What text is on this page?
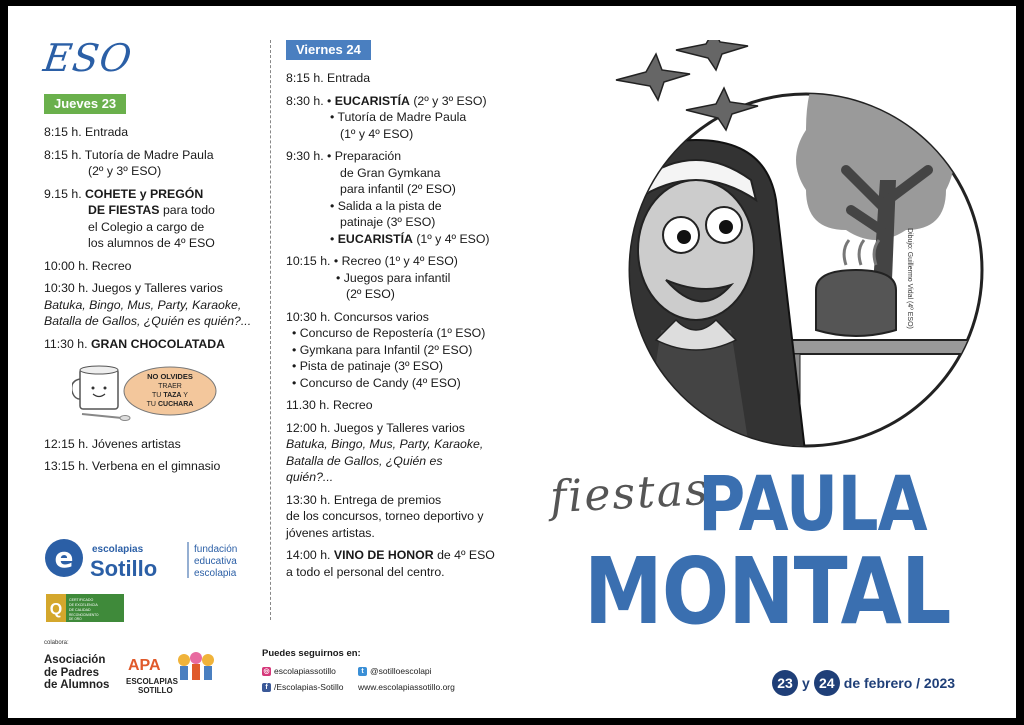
ESO
Jueves 23
8:15 h. Entrada
8:15 h. Tutoría de Madre Paula
(2º y 3º ESO)
9.15 h. COHETE y PREGÓN
DE FIESTAS para todo
el Colegio a cargo de
los alumnos de 4º ESO
10:00 h. Recreo
10:30 h. Juegos y Talleres varios
Batuka, Bingo, Mus, Party, Karaoke,
Batalla de Gallos, ¿Quién es quién?...
11:30 h. GRAN CHOCOLATADA
NO OLVIDES
TRAER
TU TAZA Y
TU CUCHARA
12:15 h. Jóvenes artistas
13:15 h. Verbena en el gimnasio
e escolapias
Sotillo
fundación
educativa
escolapia
Q
CERTIFICADO
DE EXCELENCIA
DE CALIDAD
RECONOCIMIENTO
DE ORO
colabora:
Asociación
de Padres
de Alumnos
APA
ESCOLAPIAS
SOTILLO
Viernes 24
8:15 h. Entrada
8:30 h. • EUCARISTÍA (2º y 3º ESO)
• Tutoría de Madre Paula
(1º y 4º ESO)
9:30 h. • Preparación
de Gran Gymkana
para infantil (2º ESO)
• Salida a la pista de
patinaje (3º ESO)
• EUCARISTÍA (1º y 4º ESO)
10:15 h. • Recreo (1º y 4º ESO)
• Juegos para infantil
(2º ESO)
10:30 h. Concursos varios
• Concurso de Repostería (1º ESO)
• Gymkana para Infantil (2º ESO)
• Pista de patinaje (3º ESO)
• Concurso de Candy (4º ESO)
11.30 h. Recreo
12:00 h. Juegos y Talleres varios
Batuka, Bingo, Mus, Party, Karaoke,
Batalla de Gallos, ¿Quién es
quién?...
13:30 h. Entrega de premios
de los concursos, torneo deportivo y
jóvenes artistas.
14:00 h. VINO DE HONOR de 4º ESO
a todo el personal del centro.
Puedes seguirnos en:
◎ escolapiassotillo	t @sotilloescolapi
f /Escolapias-Sotillo www.escolapiassotillo.org
Dibujo: Guillermo Vidal (4º ESO)
fiestas
PAULA
MONTAL
23 y 24 de febrero / 2023
